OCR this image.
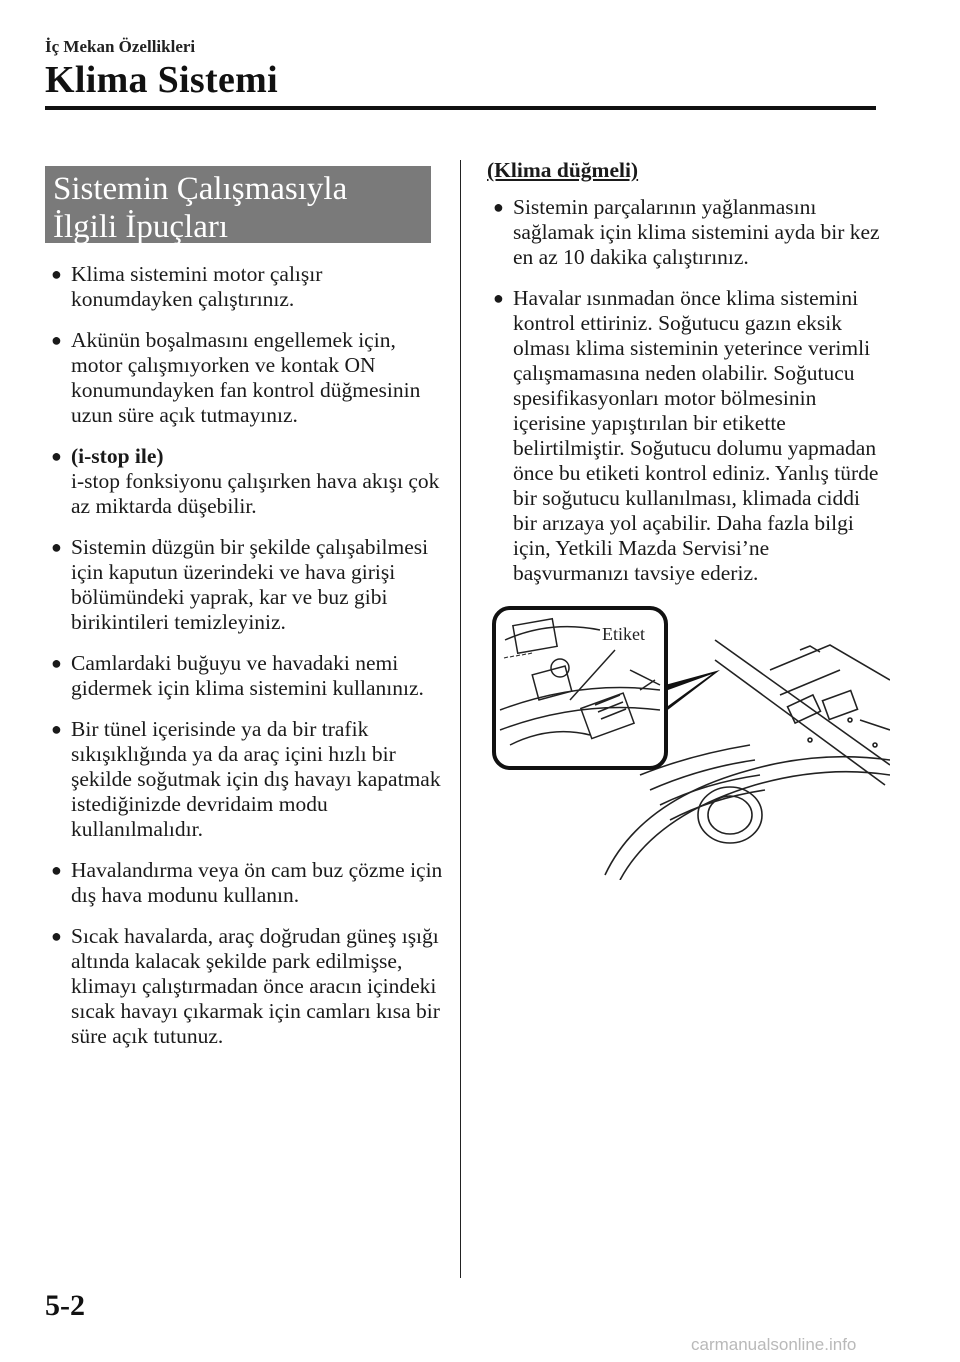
İç Mekan Özellikleri
Klima Sistemi
Sistemin Çalışmasıyla
İlgili İpuçları
● Klima sistemini motor çalışır konumdayken çalıştırınız.
● Akünün boşalmasını engellemek için, motor çalışmıyorken ve kontak ON konumundayken fan kontrol düğmesinin uzun süre açık tutmayınız.
● (i-stop ile)
i-stop fonksiyonu çalışırken hava akışı çok az miktarda düşebilir.
● Sistemin düzgün bir şekilde çalışabilmesi için kaputun üzerindeki ve hava girişi bölümündeki yaprak, kar ve buz gibi birikintileri temizleyiniz.
● Camlardaki buğuyu ve havadaki nemi gidermek için klima sistemini kullanınız.
● Bir tünel içerisinde ya da bir trafik sıkışıklığında ya da araç içini hızlı bir şekilde soğutmak için dış havayı kapatmak istediğinizde devridaim modu kullanılmalıdır.
● Havalandırma veya ön cam buz çözme için dış hava modunu kullanın.
● Sıcak havalarda, araç doğrudan güneş ışığı altında kalacak şekilde park edilmişse, klimayı çalıştırmadan önce aracın içindeki sıcak havayı çıkarmak için camları kısa bir süre açık tutunuz.
(Klima düğmeli)
● Sistemin parçalarının yağlanmasını sağlamak için klima sistemini ayda bir kez en az 10 dakika çalıştırınız.
● Havalar ısınmadan önce klima sistemini kontrol ettiriniz. Soğutucu gazın eksik olması klima sisteminin yeterince verimli çalışmamasına neden olabilir. Soğutucu spesifikasyonları motor bölmesinin içerisine yapıştırılan bir etikette belirtilmiştir. Soğutucu dolumu yapmadan önce bu etiketi kontrol ediniz. Yanlış türde bir soğutucu kullanılması, klimada ciddi bir arızaya yol açabilir. Daha fazla bilgi için, Yetkili Mazda Servisi’ne başvurmanızı tavsiye ederiz.
Etiket
5-2
carmanualsonline.info
